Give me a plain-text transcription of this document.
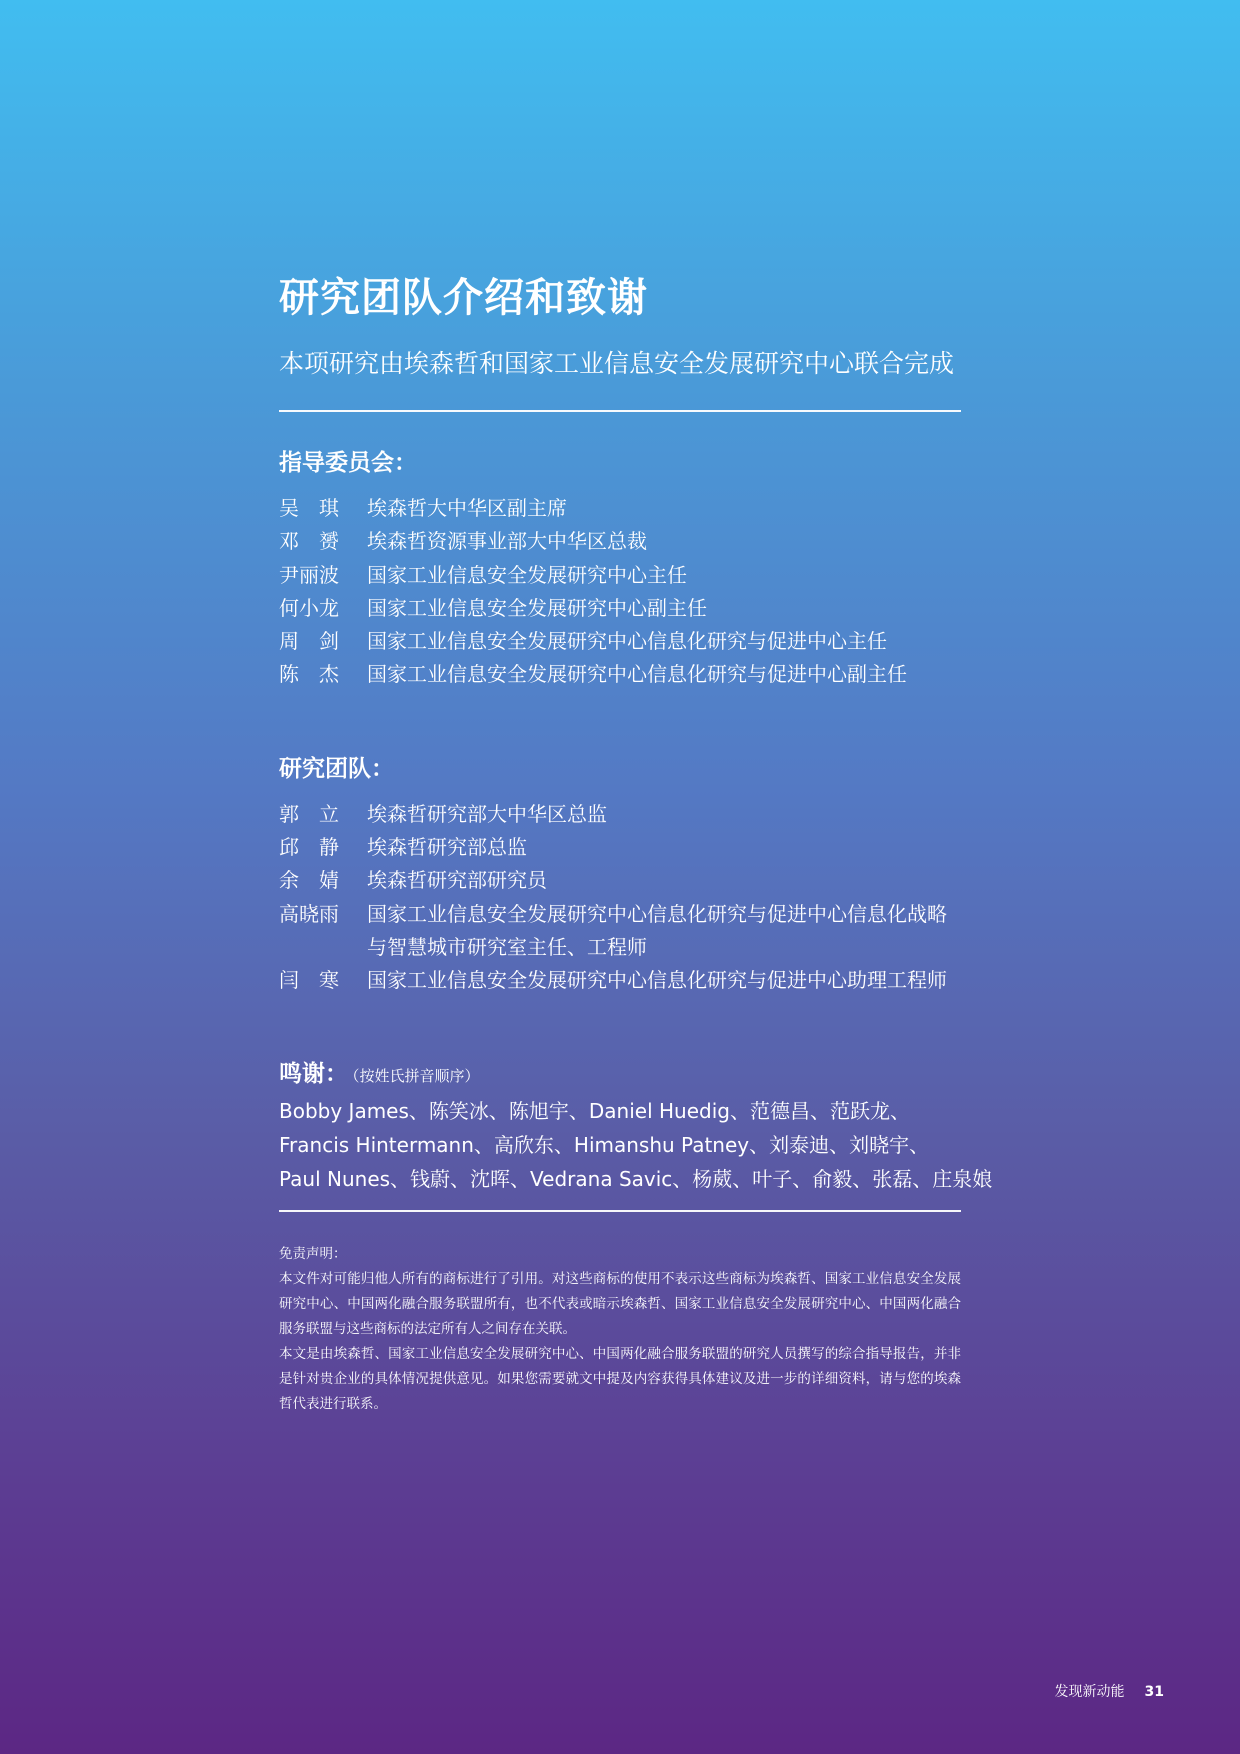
研究团队介绍和致谢
本项研究由埃森哲和国家工业信息安全发展研究中心联合完成
指导委员会：
吴　琪	埃森哲大中华区副主席
邓　赟	埃森哲资源事业部大中华区总裁
尹丽波	国家工业信息安全发展研究中心主任
何小龙	国家工业信息安全发展研究中心副主任
周　剑	国家工业信息安全发展研究中心信息化研究与促进中心主任
陈　杰	国家工业信息安全发展研究中心信息化研究与促进中心副主任
研究团队：
郭　立	埃森哲研究部大中华区总监
邱　静	埃森哲研究部总监
余　婧	埃森哲研究部研究员
高晓雨	国家工业信息安全发展研究中心信息化研究与促进中心信息化战略与智慧城市研究室主任、工程师
闫　寒	国家工业信息安全发展研究中心信息化研究与促进中心助理工程师
鸣谢： （按姓氏拼音顺序）
Bobby James、陈笑冰、陈旭宇、Daniel Huedig、范德昌、范跃龙、
Francis Hintermann、高欣东、Himanshu Patney、刘泰迪、刘晓宇、
Paul Nunes、钱蔚、沈晖、Vedrana Savic、杨葳、叶子、俞毅、张磊、庄泉娘

免责声明：

本文件对可能归他人所有的商标进行了引用。对这些商标的使用不表示这些商标为埃森哲、国家工业信息安全发展研究中心、中国两化融合服务联盟所有，也不代表或暗示埃森哲、国家工业信息安全发展研究中心、中国两化融合服务联盟与这些商标的法定所有人之间存在关联。

本文是由埃森哲、国家工业信息安全发展研究中心、中国两化融合服务联盟的研究人员撰写的综合指导报告，并非是针对贵企业的具体情况提供意见。如果您需要就文中提及内容获得具体建议及进一步的详细资料，请与您的埃森哲代表进行联系。

发现新动能 31
